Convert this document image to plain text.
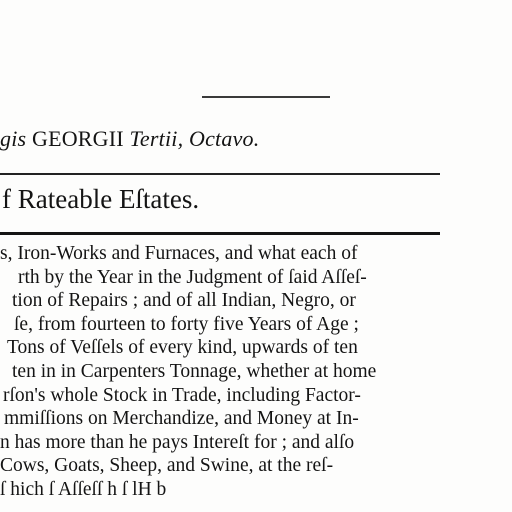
gis GEORGII Tertii, Octavo.
f Rateable Eſtates.
s, Iron-Works and Furnaces, and what each of
rth by the Year in the Judgment of ſaid Aſſeſ-
tion of Repairs ; and of all Indian, Negro, or
ſe, from fourteen to forty five Years of Age ;
Tons of Veſſels of every kind, upwards of ten
ten in in Carpenters Tonnage, whether at home
rſon's whole Stock in Trade, including Factor-
mmiſſions on Merchandize, and Money at In-
n has more than he pays Intereſt for ; and alſo
Cows, Goats, Sheep, and Swine, at the reſ-
ſ hich ſ Aſſeſſ h ſ lH b
